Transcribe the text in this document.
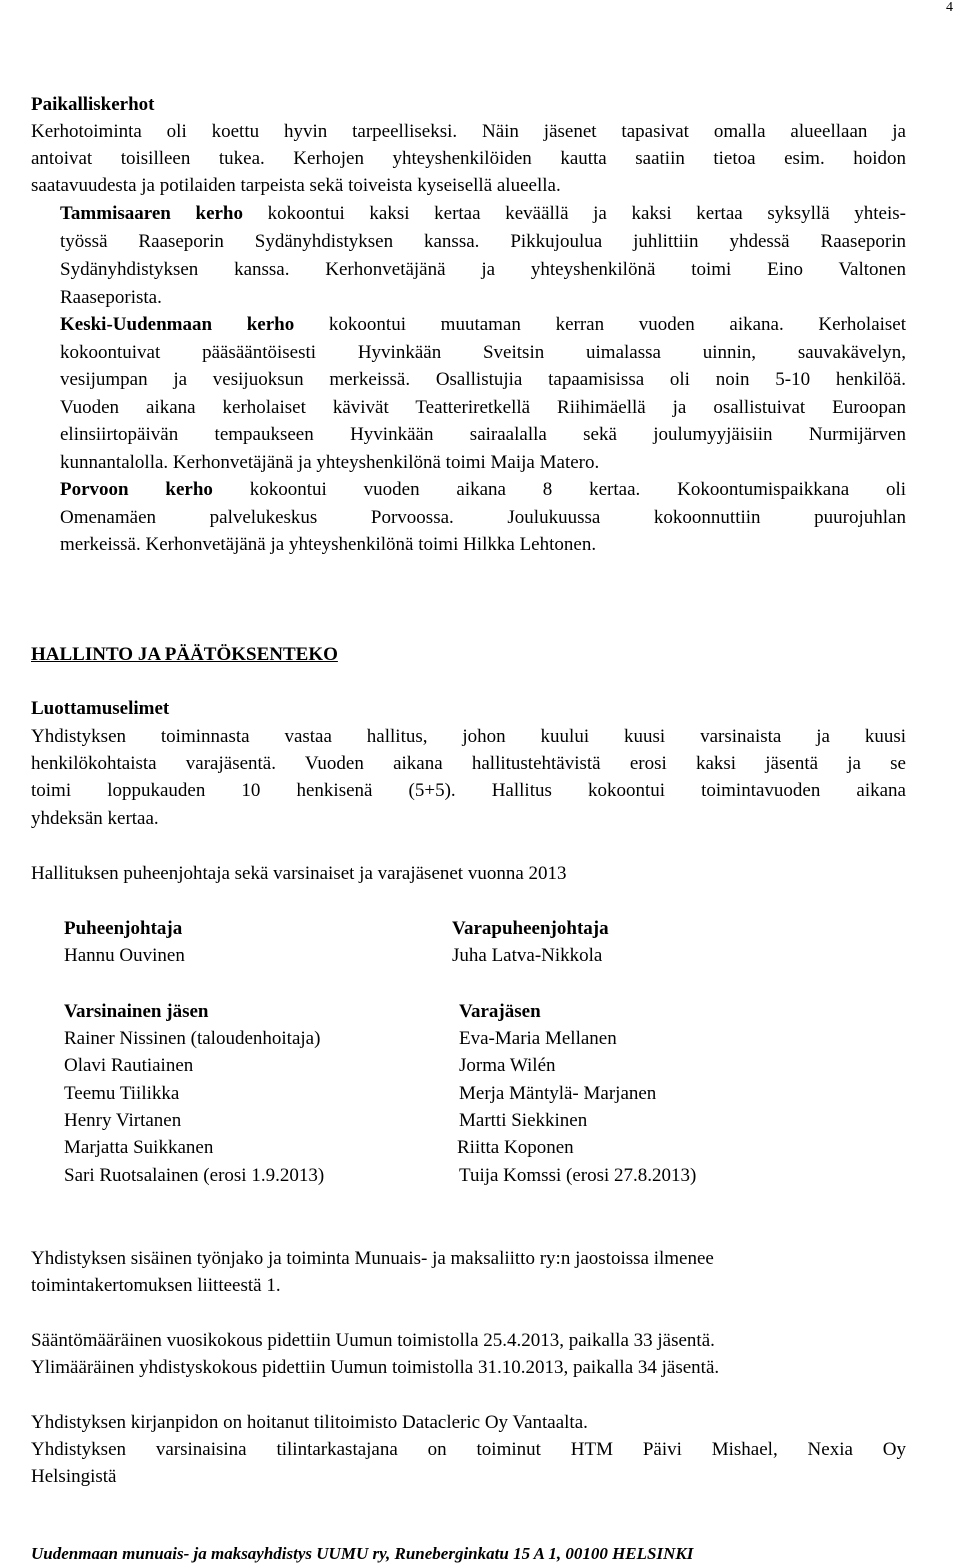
4
Paikalliskerhot
Kerhotoiminta oli koettu hyvin tarpeelliseksi. Näin jäsenet tapasivat omalla alueellaan ja
antoivat toisilleen tukea. Kerhojen yhteyshenkilöiden kautta saatiin tietoa esim. hoidon
saatavuudesta ja potilaiden tarpeista sekä toiveista kyseisellä alueella.
Tammisaaren kerho kokoontui kaksi kertaa keväällä ja kaksi kertaa syksyllä yhteis-
työssä Raaseporin Sydänyhdistyksen kanssa. Pikkujoulua juhlittiin yhdessä Raaseporin
Sydänyhdistyksen kanssa. Kerhonvetäjänä ja yhteyshenkilönä toimi Eino Valtonen
Raaseporista.
Keski-Uudenmaan kerho kokoontui muutaman kerran vuoden aikana. Kerholaiset
kokoontuivat pääsääntöisesti Hyvinkään Sveitsin uimalassa uinnin, sauvakävelyn,
vesijumpan ja vesijuoksun merkeissä. Osallistujia tapaamisissa oli noin 5-10 henkilöä.
Vuoden aikana kerholaiset kävivät Teatteriretkellä Riihimäellä ja osallistuivat Euroopan
elinsiirtopäivän tempaukseen Hyvinkään sairaalalla sekä joulumyyjäisiin Nurmijärven
kunnantalolla. Kerhonvetäjänä ja yhteyshenkilönä toimi Maija Matero.
Porvoon kerho kokoontui vuoden aikana 8 kertaa. Kokoontumispaikkana oli
Omenamäen palvelukeskus Porvoossa. Joulukuussa kokoonnuttiin puurojuhlan
merkeissä. Kerhonvetäjänä ja yhteyshenkilönä toimi Hilkka Lehtonen.
HALLINTO JA PÄÄTÖKSENTEKO
Luottamuselimet
Yhdistyksen toiminnasta vastaa hallitus, johon kuului kuusi varsinaista ja kuusi
henkilökohtaista varajäsentä. Vuoden aikana hallitustehtävistä erosi kaksi jäsentä ja se
toimi loppukauden 10 henkisenä (5+5). Hallitus kokoontui toimintavuoden aikana
yhdeksän kertaa.
Hallituksen puheenjohtaja sekä varsinaiset ja varajäsenet vuonna 2013
Puheenjohtaja
Hannu Ouvinen
Varapuheenjohtaja
Juha Latva-Nikkola
Varsinainen jäsen
Rainer Nissinen (taloudenhoitaja)
Olavi Rautiainen
Teemu Tiilikka
Henry Virtanen
Marjatta Suikkanen
Sari Ruotsalainen (erosi 1.9.2013)
Varajäsen
Eva-Maria Mellanen
Jorma Wilén
Merja Mäntylä- Marjanen
Martti Siekkinen
Riitta Koponen
Tuija Komssi (erosi 27.8.2013)
Yhdistyksen sisäinen työnjako ja toiminta Munuais- ja maksaliitto ry:n jaostoissa ilmenee
toimintakertomuksen liitteestä 1.
Sääntömääräinen vuosikokous pidettiin Uumun toimistolla 25.4.2013, paikalla 33 jäsentä.
Ylimääräinen yhdistyskokous pidettiin Uumun toimistolla 31.10.2013, paikalla 34 jäsentä.
Yhdistyksen kirjanpidon on hoitanut tilitoimisto Datacleric Oy Vantaalta.
Yhdistyksen varsinaisina tilintarkastajana on toiminut HTM Päivi Mishael, Nexia Oy
Helsingistä
Uudenmaan munuais- ja maksayhdistys UUMU ry, Runeberginkatu 15 A 1, 00100 HELSINKI
